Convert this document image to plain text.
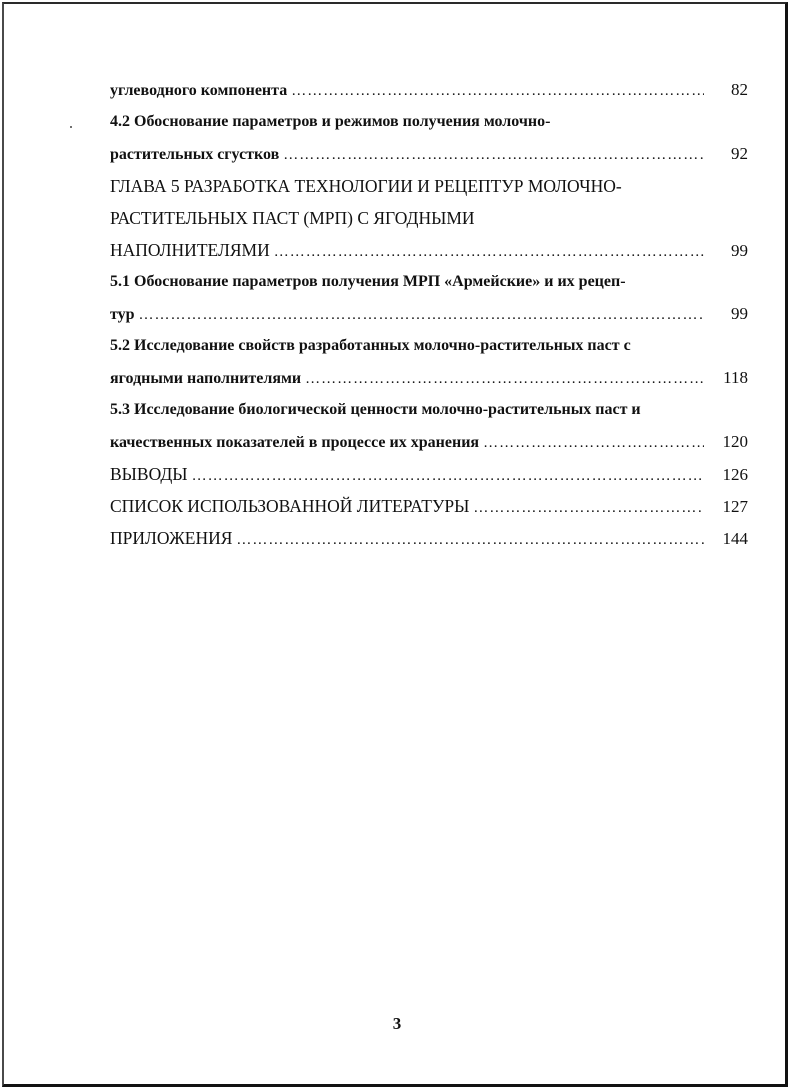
углеводного компонента ………………………………………………………………………………………………………………………………………………………………………………	82
4.2 Обоснование параметров и режимов получения молочно-
растительных сгустков ………………………………………………………………………………………………………………………………………………………………………………	92
ГЛАВА 5 РАЗРАБОТКА ТЕХНОЛОГИИ И РЕЦЕПТУР МОЛОЧНО-
РАСТИТЕЛЬНЫХ ПАСТ (МРП) С ЯГОДНЫМИ
НАПОЛНИТЕЛЯМИ ………………………………………………………………………………………………………………………………………………………………………………	99
5.1 Обоснование параметров получения МРП «Армейские» и их рецеп-
тур ………………………………………………………………………………………………………………………………………………………………………………	99
5.2 Исследование свойств разработанных молочно-растительных паст с
ягодными наполнителями ………………………………………………………………………………………………………………………………………………………………………………	118
5.3 Исследование биологической ценности молочно-растительных паст и
качественных показателей в процессе их хранения ………………………………………………………………………………………………………………………………………………………………………………	120
ВЫВОДЫ ………………………………………………………………………………………………………………………………………………………………………………	126
СПИСОК ИСПОЛЬЗОВАННОЙ ЛИТЕРАТУРЫ ………………………………………………………………………………………………………………………………………………………………………………	127
ПРИЛОЖЕНИЯ ………………………………………………………………………………………………………………………………………………………………………………	144
3
